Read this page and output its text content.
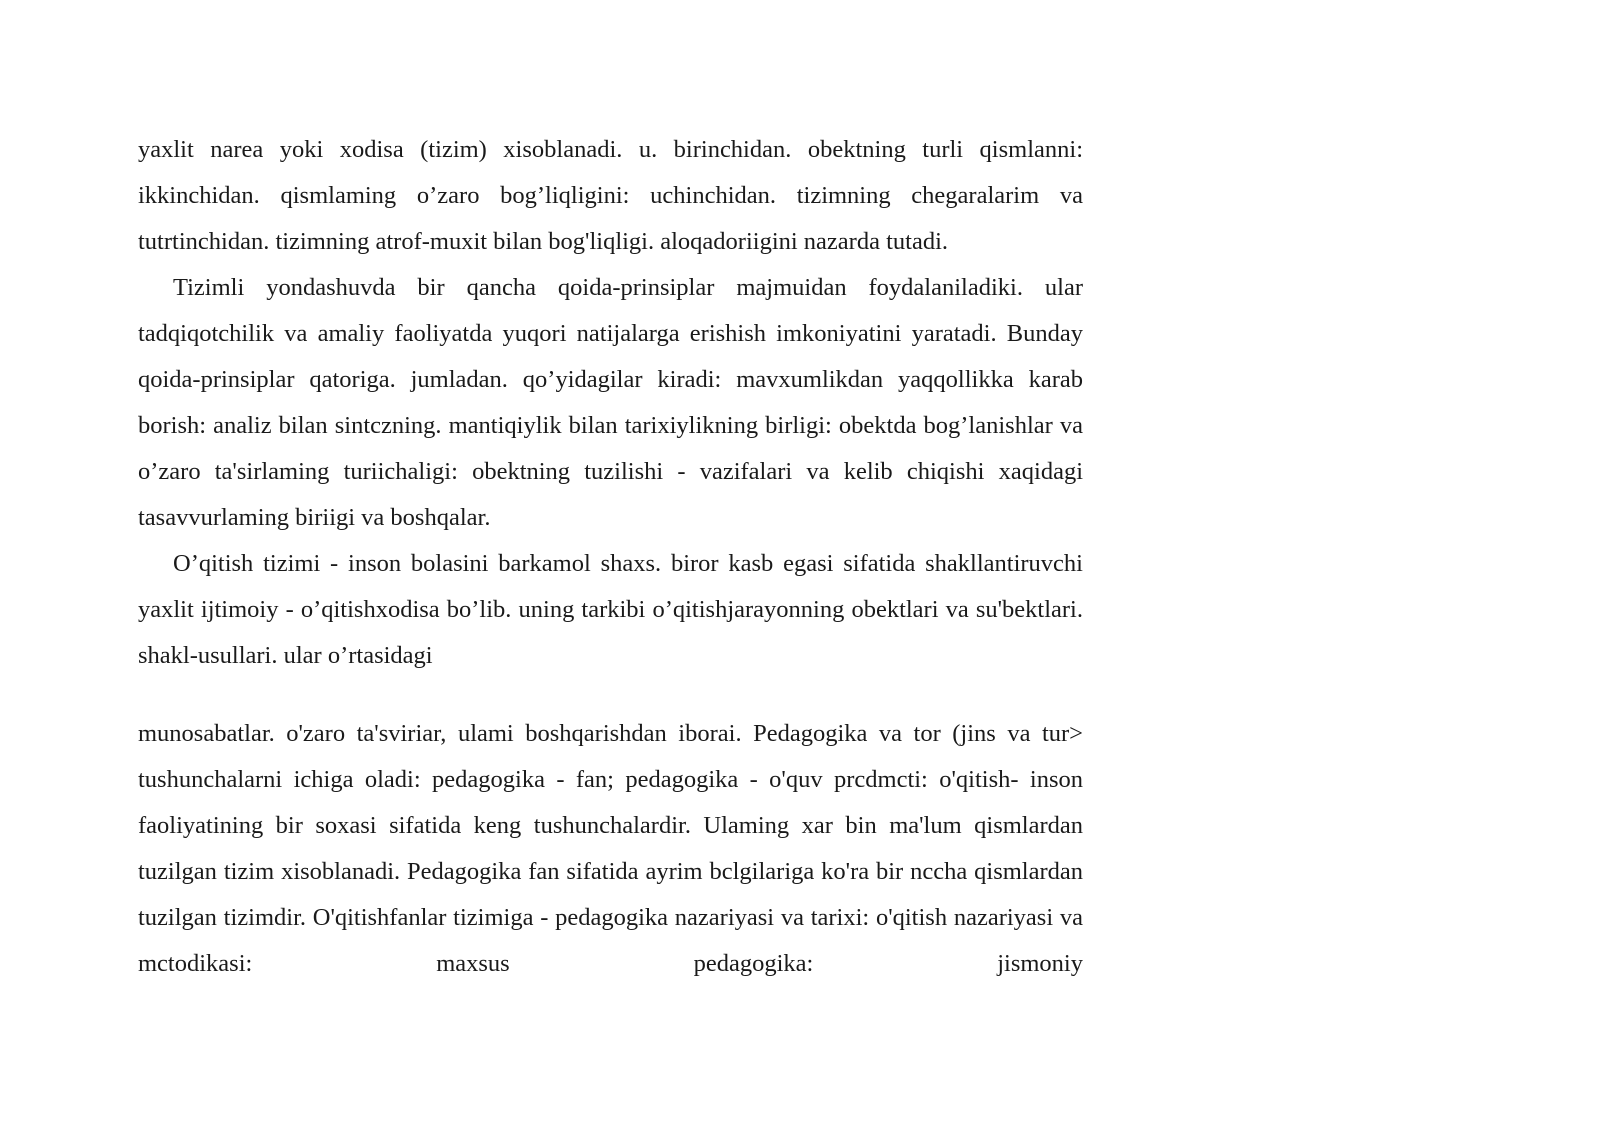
yaxlit narea yoki xodisa (tizim) xisoblanadi. u. birinchidan. obektning turli qismlanni: ikkinchidan. qismlaming o’zaro bog’liqligini: uchinchidan. tizimning chegaralarim va tutrtinchidan. tizimning atrof-muxit bilan bog'liqligi. aloqadoriigini nazarda tutadi.

Tizimli yondashuvda bir qancha qoida-prinsiplar majmuidan foydalaniladiki. ular tadqiqotchilik va amaliy faoliyatda yuqori natijalarga erishish imkoniyatini yaratadi. Bunday qoida-prinsiplar qatoriga. jumladan. qo’yidagilar kiradi: mavxumlikdan yaqqollikka karab borish: analiz bilan sintczning. mantiqiylik bilan tarixiylikning birligi: obektda bog’lanishlar va o’zaro ta'sirlaming turiichaligi: obektning tuzilishi - vazifalari va kelib chiqishi xaqidagi tasavvurlaming biriigi va boshqalar.

O’qitish tizimi - inson bolasini barkamol shaxs. biror kasb egasi sifatida shakllantiruvchi yaxlit ijtimoiy - o’qitishxodisa bo’lib. uning tarkibi o’qitishjarayonning obektlari va su'bektlari. shakl-usullari. ular o’rtasidagi

munosabatlar. o'zaro ta'sviriar, ulami boshqarishdan iborai. Pedagogika va tor (jins va tur> tushunchalarni ichiga oladi: pedagogika - fan; pedagogika - o'quv prcdmcti: o'qitish- inson faoliyatining bir soxasi sifatida keng tushunchalardir. Ulaming xar bin ma'lum qismlardan tuzilgan tizim xisoblanadi. Pedagogika fan sifatida ayrim bclgilariga ko'ra bir nccha qismlardan tuzilgan tizimdir. O'qitishfanlar tizimiga - pedagogika nazariyasi va tarixi: o'qitish nazariyasi va mctodikasi: maxsus pedagogika: jismoniy
